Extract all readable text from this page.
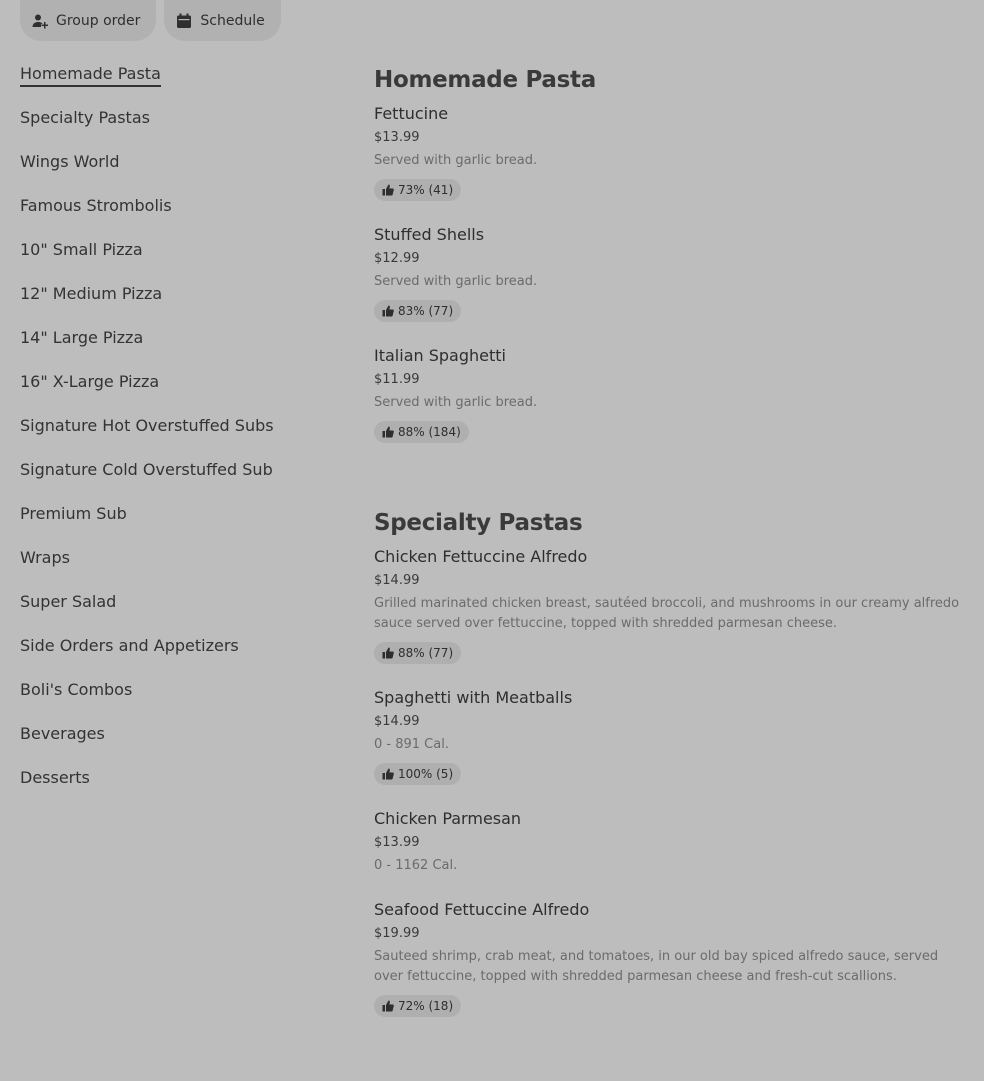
Group order	Schedule
Homemade Pasta
Specialty Pastas
Wings World
Famous Strombolis
10" Small Pizza
12" Medium Pizza
14" Large Pizza
16" X-Large Pizza
Signature Hot Overstuffed Subs
Signature Cold Overstuffed Sub
Premium Sub
Wraps
Super Salad
Side Orders and Appetizers
Boli's Combos
Beverages
Desserts
Homemade Pasta
Fettucine
$13.99
Served with garlic bread.
73% (41)
Stuffed Shells
$12.99
Served with garlic bread.
83% (77)
Italian Spaghetti
$11.99
Served with garlic bread.
88% (184)
Specialty Pastas
Chicken Fettuccine Alfredo
$14.99
Grilled marinated chicken breast, sautéed broccoli, and mushrooms in our creamy alfredo sauce served over fettuccine, topped with shredded parmesan cheese.
88% (77)
Spaghetti with Meatballs
$14.99
0 - 891 Cal.
100% (5)
Chicken Parmesan
$13.99
0 - 1162 Cal.
Seafood Fettuccine Alfredo
$19.99
Sauteed shrimp, crab meat, and tomatoes, in our old bay spiced alfredo sauce, served over fettuccine, topped with shredded parmesan cheese and fresh-cut scallions.
72% (18)
